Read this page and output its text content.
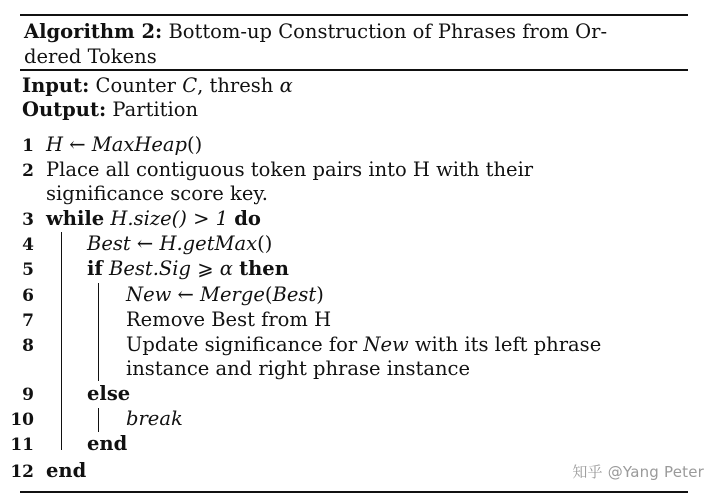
Algorithm 2: Bottom-up Construction of Phrases from Or-
dered Tokens
Input: Counter C, thresh α
Output: Partition
1
2
3
4
5
6
7
8
9
10
11
12
H ← MaxHeap()
Place all contiguous token pairs into H with their
significance score key.
while H.size() > 1 do
Best ← H.getMax()
if Best.Sig ⩾ α then
New ← Merge(Best)
Remove Best from H
Update significance for New with its left phrase
instance and right phrase instance
else
break
end
end	知乎 @Yang Peter
